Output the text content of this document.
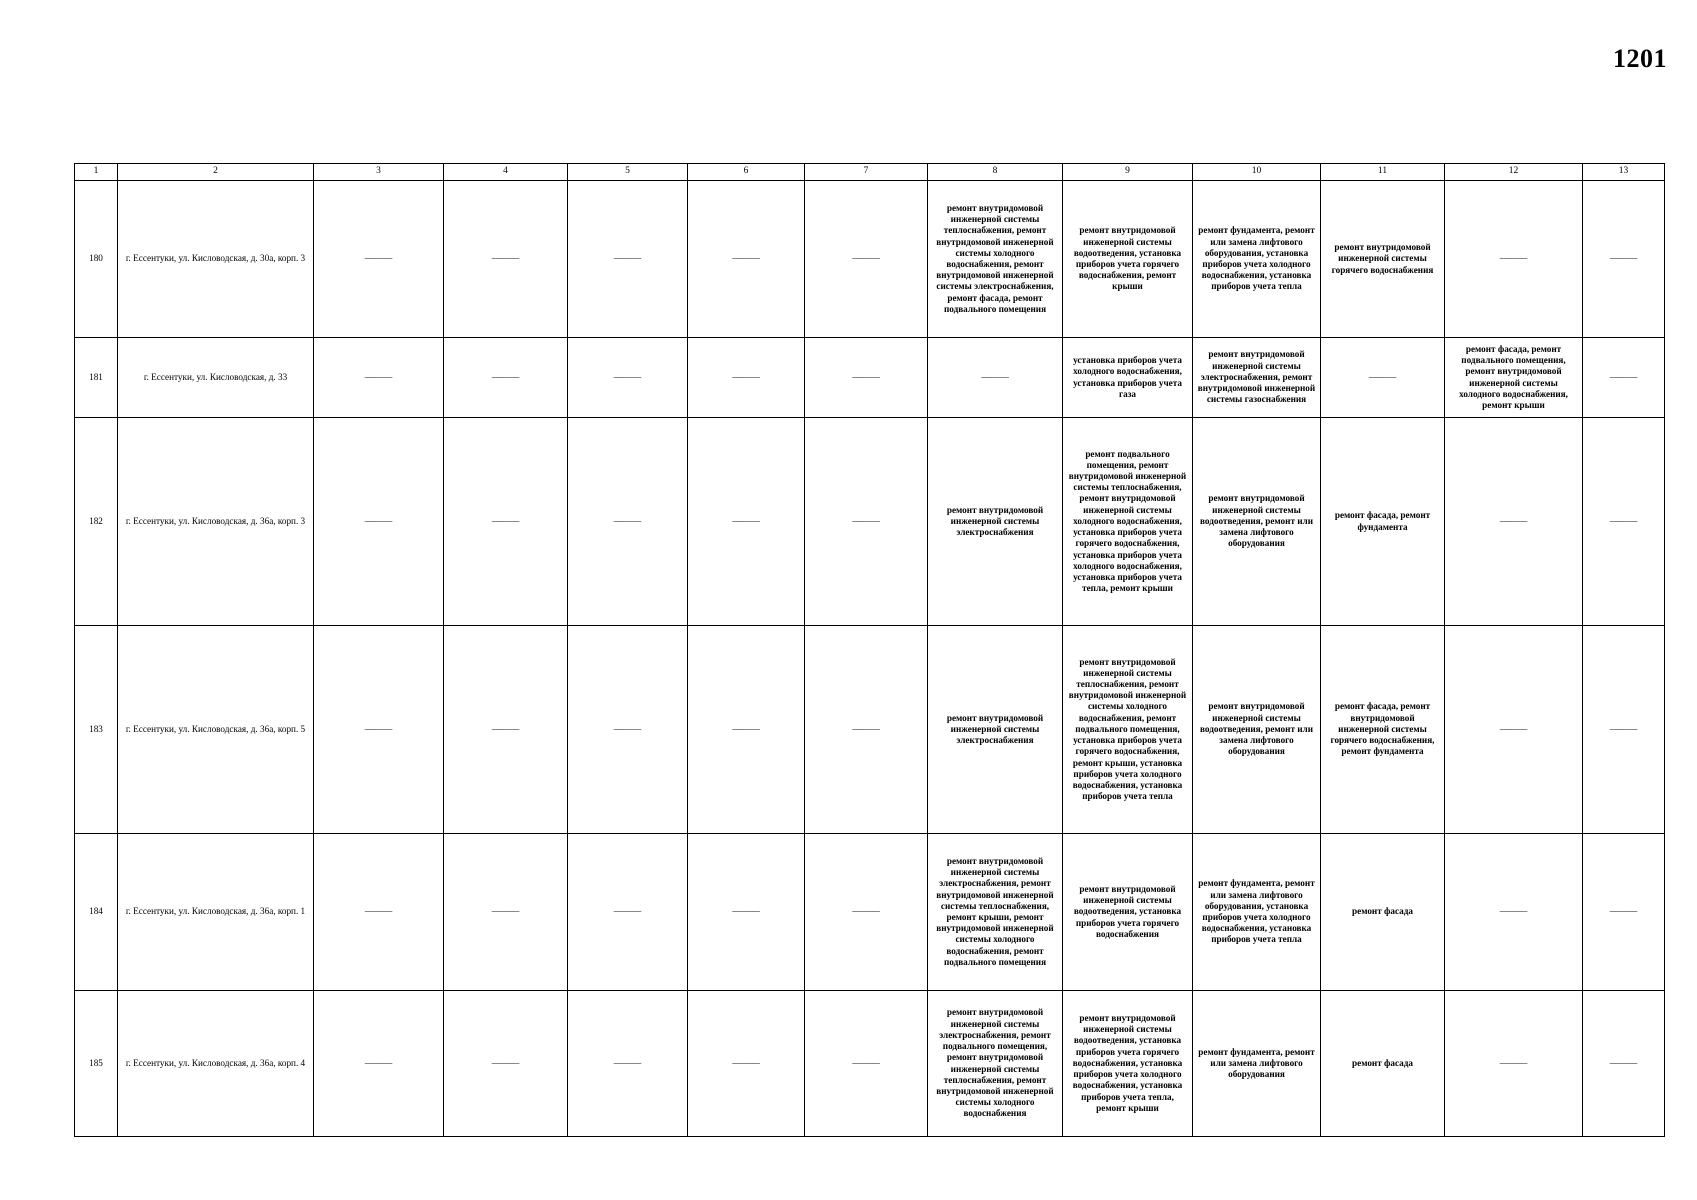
1201
1	2	3	4	5	6	7	8	9	10	11	12	13
180	г. Ессентуки, ул. Кисловодская, д. 30а, корп. 3	———	———	———	———	———	ремонт внутридомовой инженерной системы теплоснабжения, ремонт внутридомовой инженерной системы холодного водоснабжения, ремонт внутридомовой инженерной системы электроснабжения, ремонт фасада, ремонт подвального помещения	ремонт внутридомовой инженерной системы водоотведения, установка приборов учета горячего водоснабжения, ремонт крыши	ремонт фундамента, ремонт или замена лифтового оборудования, установка приборов учета холодного водоснабжения, установка приборов учета тепла	ремонт внутридомовой инженерной системы горячего водоснабжения	———	———
181	г. Ессентуки, ул. Кисловодская, д. 33	———	———	———	———	———	———	установка приборов учета холодного водоснабжения, установка приборов учета газа	ремонт внутридомовой инженерной системы электроснабжения, ремонт внутридомовой инженерной системы газоснабжения	———	ремонт фасада, ремонт подвального помещения, ремонт внутридомовой инженерной системы холодного водоснабжения, ремонт крыши	———
182	г. Ессентуки, ул. Кисловодская, д. 36а, корп. 3	———	———	———	———	———	ремонт внутридомовой инженерной системы электроснабжения	ремонт подвального помещения, ремонт внутридомовой инженерной системы теплоснабжения, ремонт внутридомовой инженерной системы холодного водоснабжения, установка приборов учета горячего водоснабжения, установка приборов учета холодного водоснабжения, установка приборов учета тепла, ремонт крыши	ремонт внутридомовой инженерной системы водоотведения, ремонт или замена лифтового оборудования	ремонт фасада, ремонт фундамента	———	———
183	г. Ессентуки, ул. Кисловодская, д. 36а, корп. 5	———	———	———	———	———	ремонт внутридомовой инженерной системы электроснабжения	ремонт внутридомовой инженерной системы теплоснабжения, ремонт внутридомовой инженерной системы холодного водоснабжения, ремонт подвального помещения, установка приборов учета горячего водоснабжения, ремонт крыши, установка приборов учета холодного водоснабжения, установка приборов учета тепла	ремонт внутридомовой инженерной системы водоотведения, ремонт или замена лифтового оборудования	ремонт фасада, ремонт внутридомовой инженерной системы горячего водоснабжения, ремонт фундамента	———	———
184	г. Ессентуки, ул. Кисловодская, д. 36а, корп. 1	———	———	———	———	———	ремонт внутридомовой инженерной системы электроснабжения, ремонт внутридомовой инженерной системы теплоснабжения, ремонт крыши, ремонт внутридомовой инженерной системы холодного водоснабжения, ремонт подвального помещения	ремонт внутридомовой инженерной системы водоотведения, установка приборов учета горячего водоснабжения	ремонт фундамента, ремонт или замена лифтового оборудования, установка приборов учета холодного водоснабжения, установка приборов учета тепла	ремонт фасада	———	———
185	г. Ессентуки, ул. Кисловодская, д. 36а, корп. 4	———	———	———	———	———	ремонт внутридомовой инженерной системы электроснабжения, ремонт подвального помещения, ремонт внутридомовой инженерной системы теплоснабжения, ремонт внутридомовой инженерной системы холодного водоснабжения	ремонт внутридомовой инженерной системы водоотведения, установка приборов учета горячего водоснабжения, установка приборов учета холодного водоснабжения, установка приборов учета тепла, ремонт крыши	ремонт фундамента, ремонт или замена лифтового оборудования	ремонт фасада	———	———
